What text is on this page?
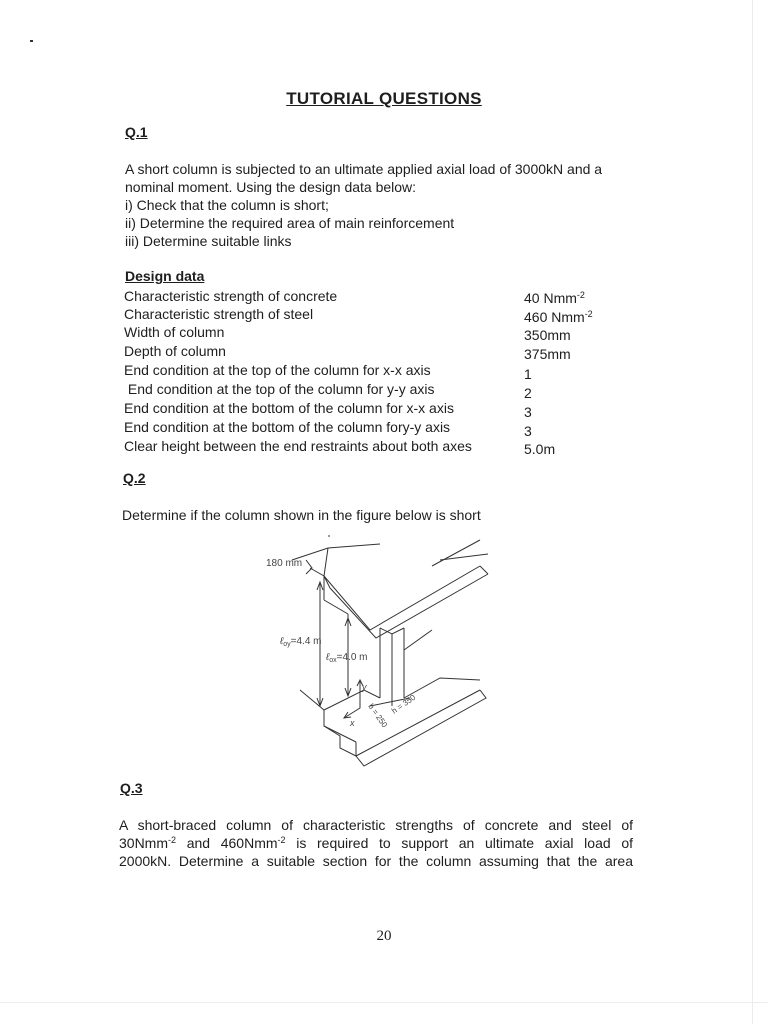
TUTORIAL QUESTIONS
Q.1
A short column is subjected to an ultimate applied axial load of 3000kN and a
nominal moment. Using the design data below:
i) Check that the column is short;
ii) Determine the required area of main reinforcement
iii) Determine suitable links
Design data
Characteristic strength of concrete	40 Nmm$^{-2}$
Characteristic strength of steel	460 Nmm$^{-2}$
Width of column	350mm
Depth of column	375mm
End condition at the top of the column for x-x axis	1
End condition at the top of the column for y-y axis	2
End condition at the bottom of the column for x-x axis	3
End condition at the bottom of the column fory-y axis	3
Clear height between the end restraints about both axes	5.0m
Q.2
Determine if the column shown in the figure below is short
180 mm
ℓ$_{oy}$=4.4 m
ℓ$_{ox}$=4.0 m
y
x b = 250 h = 350
Q.3
A short-braced column of characteristic strengths of concrete and steel of
30Nmm$^{-2}$ and 460Nmm$^{-2}$ is required to support an ultimate axial load of
2000kN. Determine a suitable section for the column assuming that the area
20
